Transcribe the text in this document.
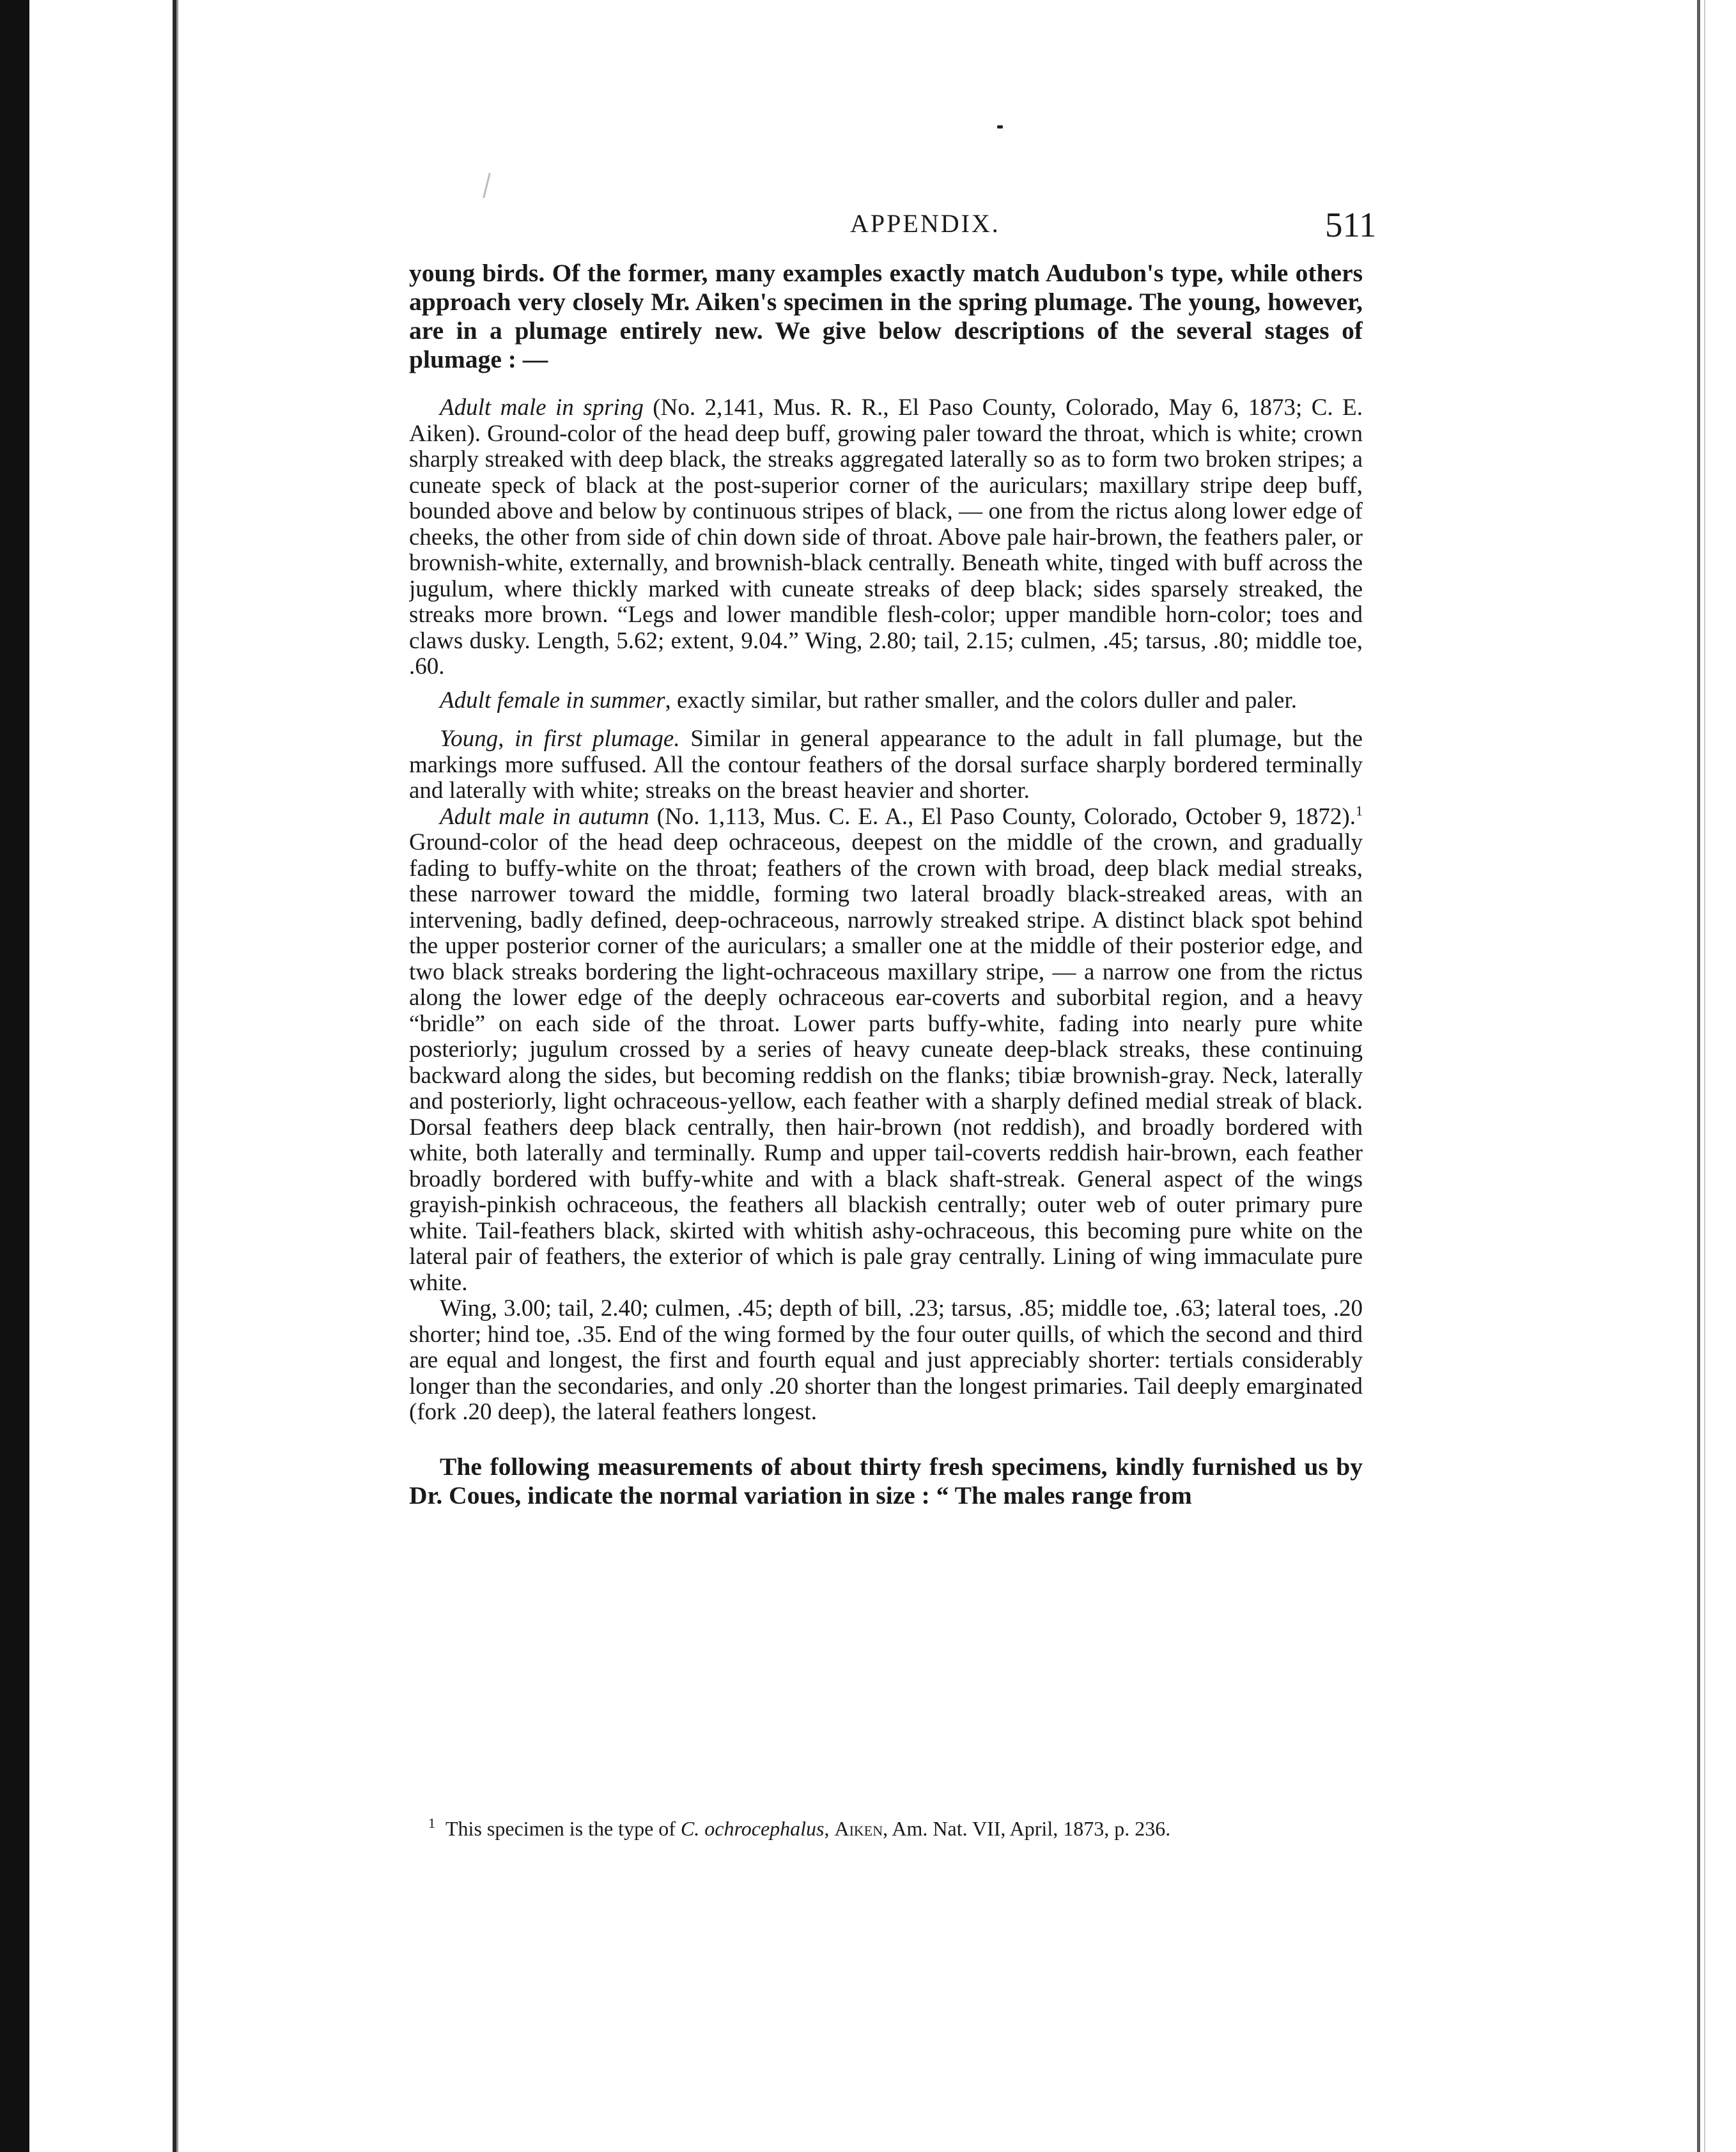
APPENDIX.	511

young birds. Of the former, many examples exactly match Audubon's type, while others approach very closely Mr. Aiken's specimen in the spring plumage. The young, however, are in a plumage entirely new. We give below descriptions of the several stages of plumage : —

Adult male in spring (No. 2,141, Mus. R. R., El Paso County, Colorado, May 6, 1873; C. E. Aiken). Ground-color of the head deep buff, growing paler toward the throat, which is white; crown sharply streaked with deep black, the streaks aggregated laterally so as to form two broken stripes; a cuneate speck of black at the post-superior corner of the auriculars; maxillary stripe deep buff, bounded above and below by continuous stripes of black, — one from the rictus along lower edge of cheeks, the other from side of chin down side of throat. Above pale hair-brown, the feathers paler, or brownish-white, externally, and brownish-black centrally. Beneath white, tinged with buff across the jugulum, where thickly marked with cuneate streaks of deep black; sides sparsely streaked, the streaks more brown. “Legs and lower mandible flesh-color; upper mandible horn-color; toes and claws dusky. Length, 5.62; extent, 9.04.” Wing, 2.80; tail, 2.15; culmen, .45; tarsus, .80; middle toe, .60.

Adult female in summer, exactly similar, but rather smaller, and the colors duller and paler.

Young, in first plumage. Similar in general appearance to the adult in fall plumage, but the markings more suffused. All the contour feathers of the dorsal surface sharply bordered terminally and laterally with white; streaks on the breast heavier and shorter.

Adult male in autumn (No. 1,113, Mus. C. E. A., El Paso County, Colorado, October 9, 1872).$^1$ Ground-color of the head deep ochraceous, deepest on the middle of the crown, and gradually fading to buffy-white on the throat; feathers of the crown with broad, deep black medial streaks, these narrower toward the middle, forming two lateral broadly black-streaked areas, with an intervening, badly defined, deep-ochraceous, narrowly streaked stripe. A distinct black spot behind the upper posterior corner of the auriculars; a smaller one at the middle of their posterior edge, and two black streaks bordering the light-ochraceous maxillary stripe, — a narrow one from the rictus along the lower edge of the deeply ochraceous ear-coverts and suborbital region, and a heavy “bridle” on each side of the throat. Lower parts buffy-white, fading into nearly pure white posteriorly; jugulum crossed by a series of heavy cuneate deep-black streaks, these continuing backward along the sides, but becoming reddish on the flanks; tibiæ brownish-gray. Neck, laterally and posteriorly, light ochraceous-yellow, each feather with a sharply defined medial streak of black. Dorsal feathers deep black centrally, then hair-brown (not reddish), and broadly bordered with white, both laterally and terminally. Rump and upper tail-coverts reddish hair-brown, each feather broadly bordered with buffy-white and with a black shaft-streak. General aspect of the wings grayish-pinkish ochraceous, the feathers all blackish centrally; outer web of outer primary pure white. Tail-feathers black, skirted with whitish ashy-ochraceous, this becoming pure white on the lateral pair of feathers, the exterior of which is pale gray centrally. Lining of wing immaculate pure white.

Wing, 3.00; tail, 2.40; culmen, .45; depth of bill, .23; tarsus, .85; middle toe, .63; lateral toes, .20 shorter; hind toe, .35. End of the wing formed by the four outer quills, of which the second and third are equal and longest, the first and fourth equal and just appreciably shorter: tertials considerably longer than the secondaries, and only .20 shorter than the longest primaries. Tail deeply emarginated (fork .20 deep), the lateral feathers longest.

The following measurements of about thirty fresh specimens, kindly furnished us by Dr. Coues, indicate the normal variation in size : “ The males range from

$^1$ This specimen is the type of C. ochrocephalus, Aiken, Am. Nat. VII, April, 1873, p. 236.
